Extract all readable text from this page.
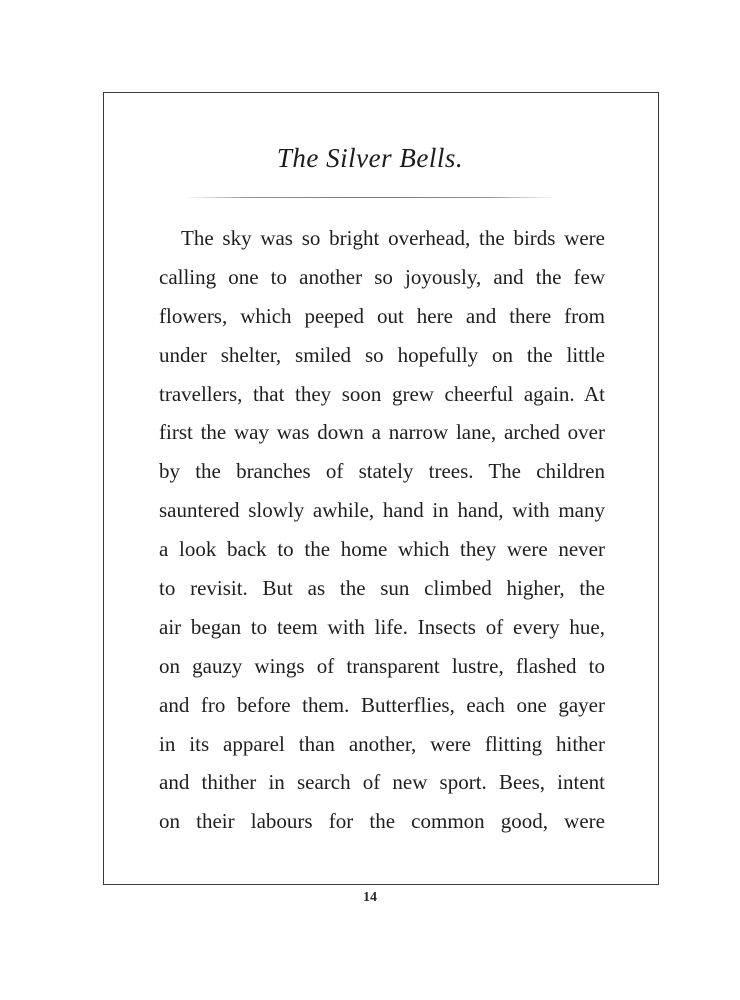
The Silver Bells.
The sky was so bright overhead, the birds were
calling one to another so joyously, and the few
flowers, which peeped out here and there from
under shelter, smiled so hopefully on the little
travellers, that they soon grew cheerful again. At
first the way was down a narrow lane, arched over
by the branches of stately trees. The children
sauntered slowly awhile, hand in hand, with many
a look back to the home which they were never
to revisit. But as the sun climbed higher, the
air began to teem with life. Insects of every hue,
on gauzy wings of transparent lustre, flashed to
and fro before them. Butterflies, each one gayer
in its apparel than another, were flitting hither
and thither in search of new sport. Bees, intent
on their labours for the common good, were
14
